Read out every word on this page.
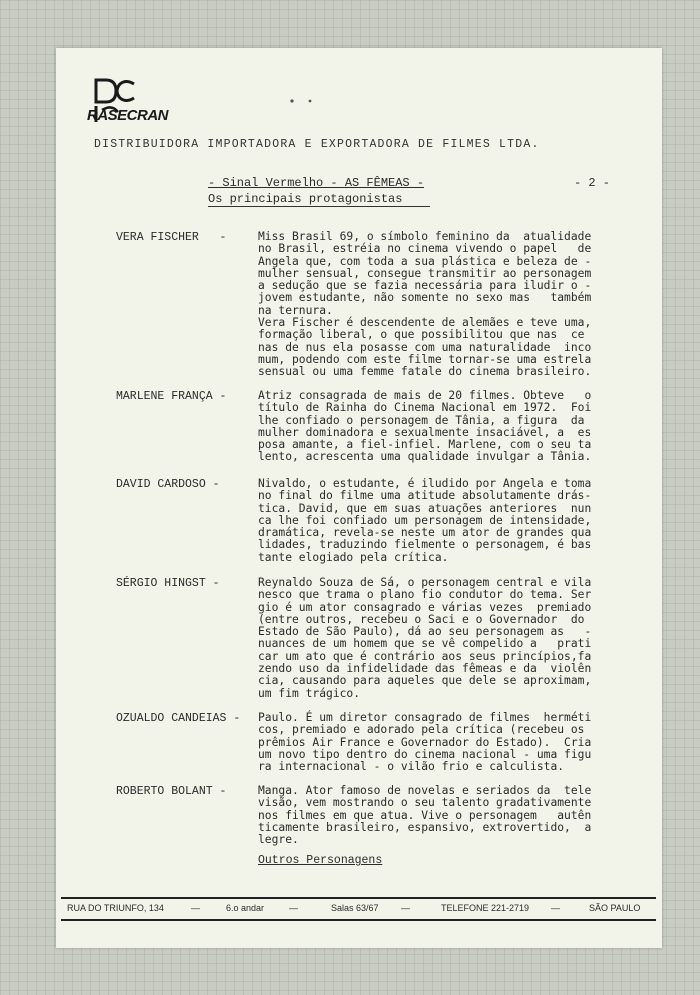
RASECRAN
DISTRIBUIDORA IMPORTADORA E EXPORTADORA DE FILMES LTDA.
- Sinal Vermelho - AS FÊMEAS -	- 2 -
Os principais protagonistas
VERA FISCHER   -	Miss Brasil 69, o símbolo feminino da  atualidade
no Brasil, estréia no cinema vivendo o papel   de
Angela que, com toda a sua plástica e beleza de -
mulher sensual, consegue transmitir ao personagem
a sedução que se fazia necessária para iludir o -
jovem estudante, não somente no sexo mas   também
na ternura.
Vera Fischer é descendente de alemães e teve uma,
formação liberal, o que possibilitou que nas  ce
nas de nus ela posasse com uma naturalidade  inco
mum, podendo com este filme tornar-se uma estrela
sensual ou uma femme fatale do cinema brasileiro.
MARLENE FRANÇA -	Atriz consagrada de mais de 20 filmes. Obteve   o
título de Rainha do Cinema Nacional em 1972.  Foi
lhe confiado o personagem de Tânia, a figura  da
mulher dominadora e sexualmente insaciável, a  es
posa amante, a fiel-infiel. Marlene, com o seu ta
lento, acrescenta uma qualidade invulgar a Tânia.
DAVID CARDOSO -	Nivaldo, o estudante, é iludido por Angela e toma
no final do filme uma atitude absolutamente drás-
tica. David, que em suas atuações anteriores  nun
ca lhe foi confiado um personagem de intensidade,
dramática, revela-se neste um ator de grandes qua
lidades, traduzindo fielmente o personagem, é bas
tante elogiado pela crítica.
SÉRGIO HINGST -	Reynaldo Souza de Sá, o personagem central e vila
nesco que trama o plano fio condutor do tema. Ser
gio é um ator consagrado e várias vezes  premiado
(entre outros, recebeu o Saci e o Governador  do
Estado de São Paulo), dá ao seu personagem as   -
nuances de um homem que se vê compelido a   prati
car um ato que é contrário aos seus princípios,fa
zendo uso da infidelidade das fêmeas e da  violên
cia, causando para aqueles que dele se aproximam,
um fim trágico.
OZUALDO CANDEIAS - Paulo. É um diretor consagrado de filmes  herméti
cos, premiado e adorado pela crítica (recebeu os
prêmios Air France e Governador do Estado).  Cria
um novo tipo dentro do cinema nacional - uma figu
ra internacional - o vilão frio e calculista.
ROBERTO BOLANT -	Manga. Ator famoso de novelas e seriados da  tele
visão, vem mostrando o seu talento gradativamente
nos filmes em que atua. Vive o personagem   autên
ticamente brasileiro, espansivo, extrovertido,  a
legre.
Outros Personagens
RUA DO TRIUNFO, 134	—	6.o andar	—	Salas 63/67 —	TELEFONE 221-2719 —	SÃO PAULO
